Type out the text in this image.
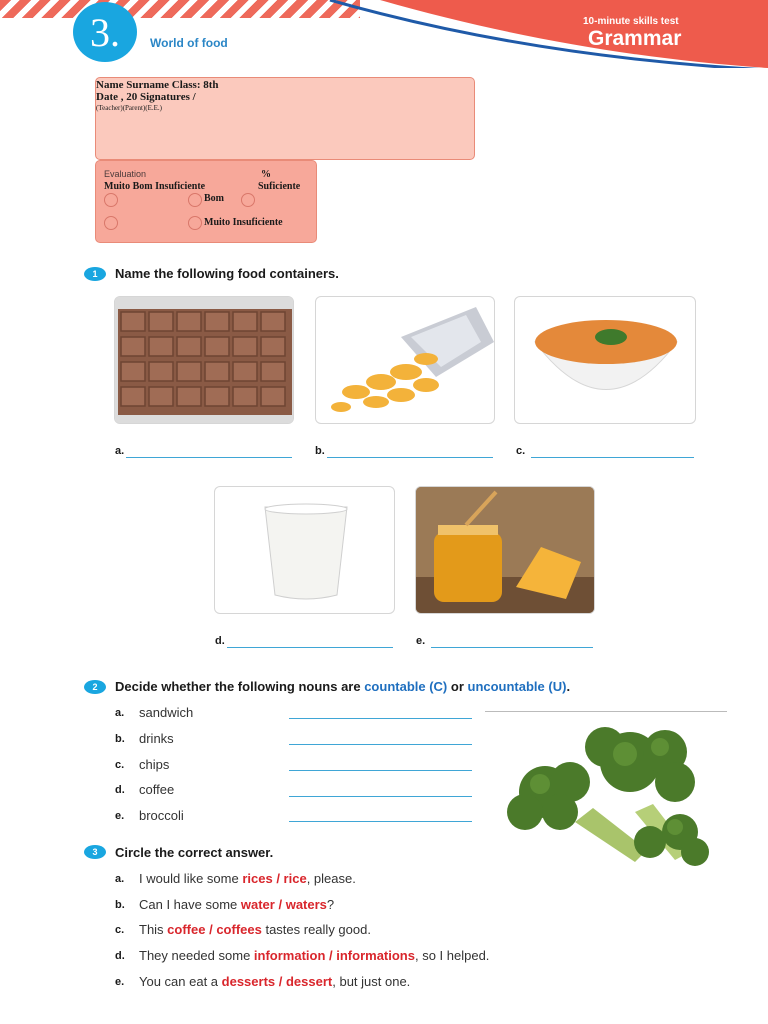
3.	World of food
10-minute skills test
Grammar
Name Surname Class: 8th
Date , 20 Signatures /
(Teacher)(Parent)(E.E.)
Evaluation	%
Muito Bom Insuficiente	Suficiente
Bom
Muito Insuficiente
1	Name the following food containers.
a.	b.	c.
d.	e.
2	Decide whether the following nouns are countable (C) or uncountable (U).
a. sandwich
b. drinks
c. chips
d. coffee
e. broccoli
3	Circle the correct answer.
a. I would like some rices / rice, please.
b. Can I have some water / waters?
c. This coffee / coffees tastes really good.
d. They needed some information / informations, so I helped.
e. You can eat a desserts / dessert, but just one.
